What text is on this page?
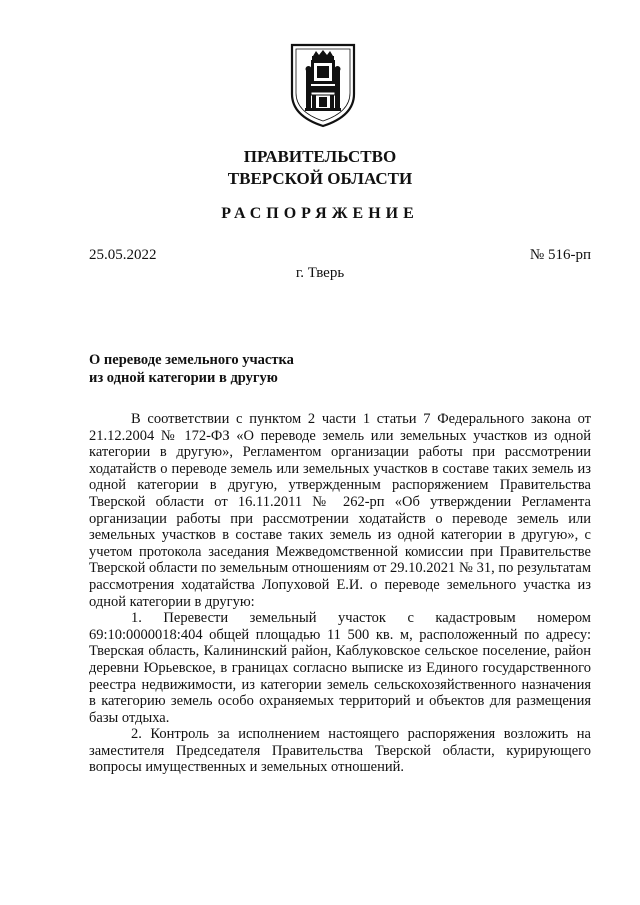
ПРАВИТЕЛЬСТВО
ТВЕРСКОЙ ОБЛАСТИ
РАСПОРЯЖЕНИЕ
25.05.2022	№ 516-рп
г. Тверь
О переводе земельного участка
из одной категории в другую

В соответствии с пунктом 2 части 1 статьи 7 Федерального закона от 21.12.2004 № 172-ФЗ «О переводе земель или земельных участков из одной категории в другую», Регламентом организации работы при рассмотрении ходатайств о переводе земель или земельных участков в составе таких земель из одной категории в другую, утвержденным распоряжением Правительства Тверской области от 16.11.2011 № 262-рп «Об утверждении Регламента организации работы при рассмотрении ходатайств о переводе земель или земельных участков в составе таких земель из одной категории в другую», с учетом протокола заседания Межведомственной комиссии при Правительстве Тверской области по земельным отношениям от 29.10.2021 № 31, по результатам рассмотрения ходатайства Лопуховой Е.И. о переводе земельного участка из одной категории в другую:

1. Перевести земельный участок с кадастровым номером 69:10:0000018:404 общей площадью 11 500 кв. м, расположенный по адресу: Тверская область, Калининский район, Каблуковское сельское поселение, район деревни Юрьевское, в границах согласно выписке из Единого государственного реестра недвижимости, из категории земель сельскохозяйственного назначения в категорию земель особо охраняемых территорий и объектов для размещения базы отдыха.

2. Контроль за исполнением настоящего распоряжения возложить на заместителя Председателя Правительства Тверской области, курирующего вопросы имущественных и земельных отношений.
